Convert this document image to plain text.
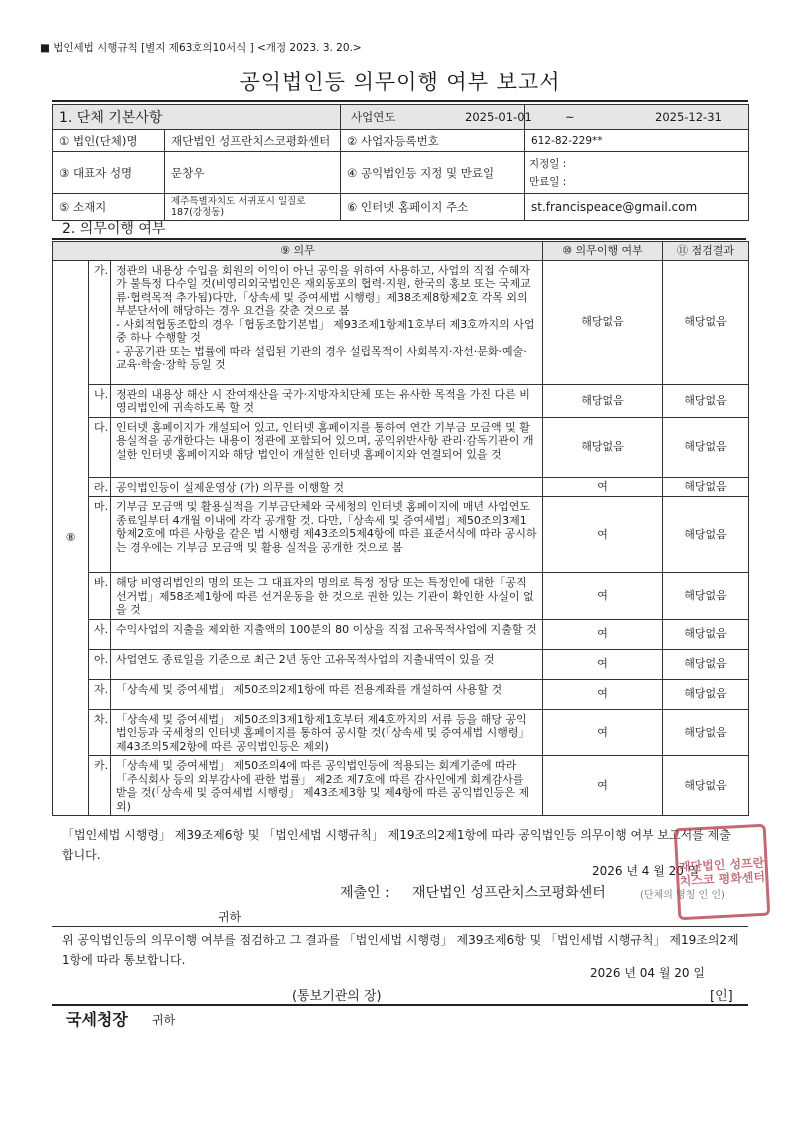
■ 법인세법 시행규칙 [별지 제63호의10서식 ] <개정 2023. 3. 20.>
공익법인등 의무이행 여부 보고서
1. 단체 기본사항		사업연도	2025-01-01 ~ 2025-12-31

① 법인(단체)명	재단법인 성프란치스코평화센터	② 사업자등록번호	612-82-229**
③ 대표자 성명	문창우	④ 공익법인등 지정 및 만료일	지정일 :
만료일 :

⑤ 소재지	제주특별자치도 서귀포시 일질로 187(강정동)	⑥ 인터넷 홈페이지 주소	st.francispeace@gmail.com
2. 의무이행 여부
⑨ 의무			⑩ 의무이행 여부	⑪ 점검결과
⑧	가.	정관의 내용상 수입을 회원의 이익이 아닌 공익을 위하여 사용하고, 사업의 직접 수혜자가 불특정 다수일 것(비영리외국법인은 재외동포의 협력·지원, 한국의 홍보 또는 국제교류·협력목적 추가됨)다만,「상속세 및 증여세법 시행령」제38조제8항제2호 각목 외의 부분단서에 해당하는 경우 요건을 갖춘 것으로 봄
- 사회적협동조합의 경우「협동조합기본법」 제93조제1항제1호부터 제3호까지의 사업 중 하나 수행할 것
- 공공기관 또는 법률에 따라 설립된 기관의 경우 설립목적이 사회복지·자선·문화·예술·교육·학술·장학 등일 것	해당없음	해당없음
	나.	정관의 내용상 해산 시 잔여재산을 국가·지방자치단체 또는 유사한 목적을 가진 다른 비영리법인에 귀속하도록 할 것	해당없음	해당없음
	다.	인터넷 홈페이지가 개설되어 있고, 인터넷 홈페이지를 통하여 연간 기부금 모금액 및 활용실적을 공개한다는 내용이 정관에 포함되어 있으며, 공익위반사항 관리·감독기관이 개설한 인터넷 홈페이지와 해당 법인이 개설한 인터넷 홈페이지와 연결되어 있을 것	해당없음	해당없음
	라.	공익법인등이 실제운영상 (가) 의무를 이행할 것	여	해당없음
	마.	기부금 모금액 및 활용실적을 기부금단체와 국세청의 인터넷 홈페이지에 매년 사업연도 종료일부터 4개월 이내에 각각 공개할 것. 다만,「상속세 및 증여세법」제50조의3제1항제2호에 따른 사항을 같은 법 시행령 제43조의5제4항에 따른 표준서식에 따라 공시하는 경우에는 기부금 모금액 및 활용 실적을 공개한 것으로 봄	여	해당없음
	바.	해당 비영리법인의 명의 또는 그 대표자의 명의로 특정 정당 또는 특정인에 대한「공직선거법」제58조제1항에 따른 선거운동을 한 것으로 권한 있는 기관이 확인한 사실이 없을 것	여	해당없음
	사.	수익사업의 지출을 제외한 지출액의 100분의 80 이상을 직접 고유목적사업에 지출할 것	여	해당없음
	아.	사업연도 종료일을 기준으로 최근 2년 동안 고유목적사업의 지출내역이 있을 것	여	해당없음
	자.	「상속세 및 증여세법」 제50조의2제1항에 따른 전용계좌를 개설하여 사용할 것	여	해당없음
	차.	「상속세 및 증여세법」 제50조의3제1항제1호부터 제4호까지의 서류 등을 해당 공익법인등과 국세청의 인터넷 홈페이지를 통하여 공시할 것(「상속세 및 증여세법 시행령」 제43조의5제2항에 따른 공익법인등은 제외)	여	해당없음
	카.	「상속세 및 증여세법」 제50조의4에 따른 공익법인등에 적용되는 회계기준에 따라 「주식회사 등의 외부감사에 관한 법률」 제2조 제7호에 따른 감사인에게 회계감사를 받을 것(「상속세 및 증여세법 시행령」 제43조제3항 및 제4항에 따른 공익법인등은 제외)	여	해당없음
「법인세법 시행령」 제39조제6항 및 「법인세법 시행규칙」 제19조의2제1항에 따라 공익법인등 의무이행 여부 보고서를 제출합니다.
2026 년 4 월 20 일
제출인 : 재단법인 성프란치스코평화센터	(단체의 명칭 인 인)
귀하
위 공익법인등의 의무이행 여부를 점검하고 그 결과를 「법인세법 시행령」 제39조제6항 및 「법인세법 시행규칙」 제19조의2제1항에 따라 통보합니다.
2026 년 04 월 20 일
(통보기관의 장)	[인]
국세청장 귀하
재단법인 성프란치스코 평화센터
